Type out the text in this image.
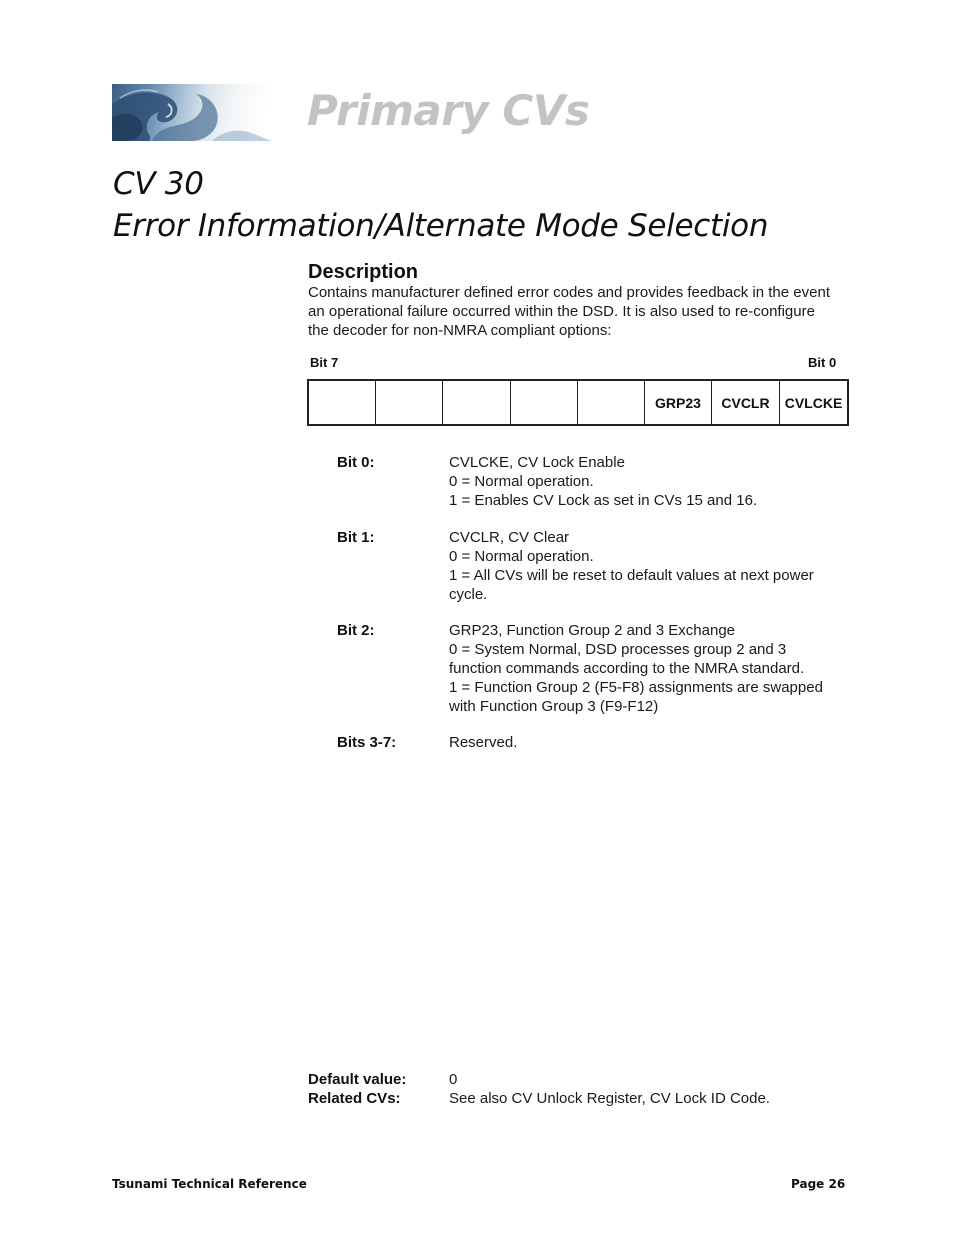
Primary CVs
CV 30
Error Information/Alternate Mode Selection
Description

Contains manufacturer defined error codes and provides feedback in the event an operational failure occurred within the DSD. It is also used to re-configure the decoder for non-NMRA compliant options:

Bit 7	Bit 0
					GRP23	CVCLR	CVLCKE
Bit 0:	CVLCKE, CV Lock Enable
0 = Normal operation.
1 = Enables CV Lock as set in CVs 15 and 16.
Bit 1:	CVCLR, CV Clear
0 = Normal operation.
1 = All CVs will be reset to default values at next power cycle.
Bit 2:	GRP23, Function Group 2 and 3 Exchange
0 = System Normal, DSD processes group 2 and 3 function commands according to the NMRA standard.
1 = Function Group 2 (F5-F8) assignments are swapped with Function Group 3 (F9-F12)
Bits 3-7:	Reserved.
Default value:	0
Related CVs:	See also CV Unlock Register, CV Lock ID Code.
Tsunami Technical Reference	Page 26
